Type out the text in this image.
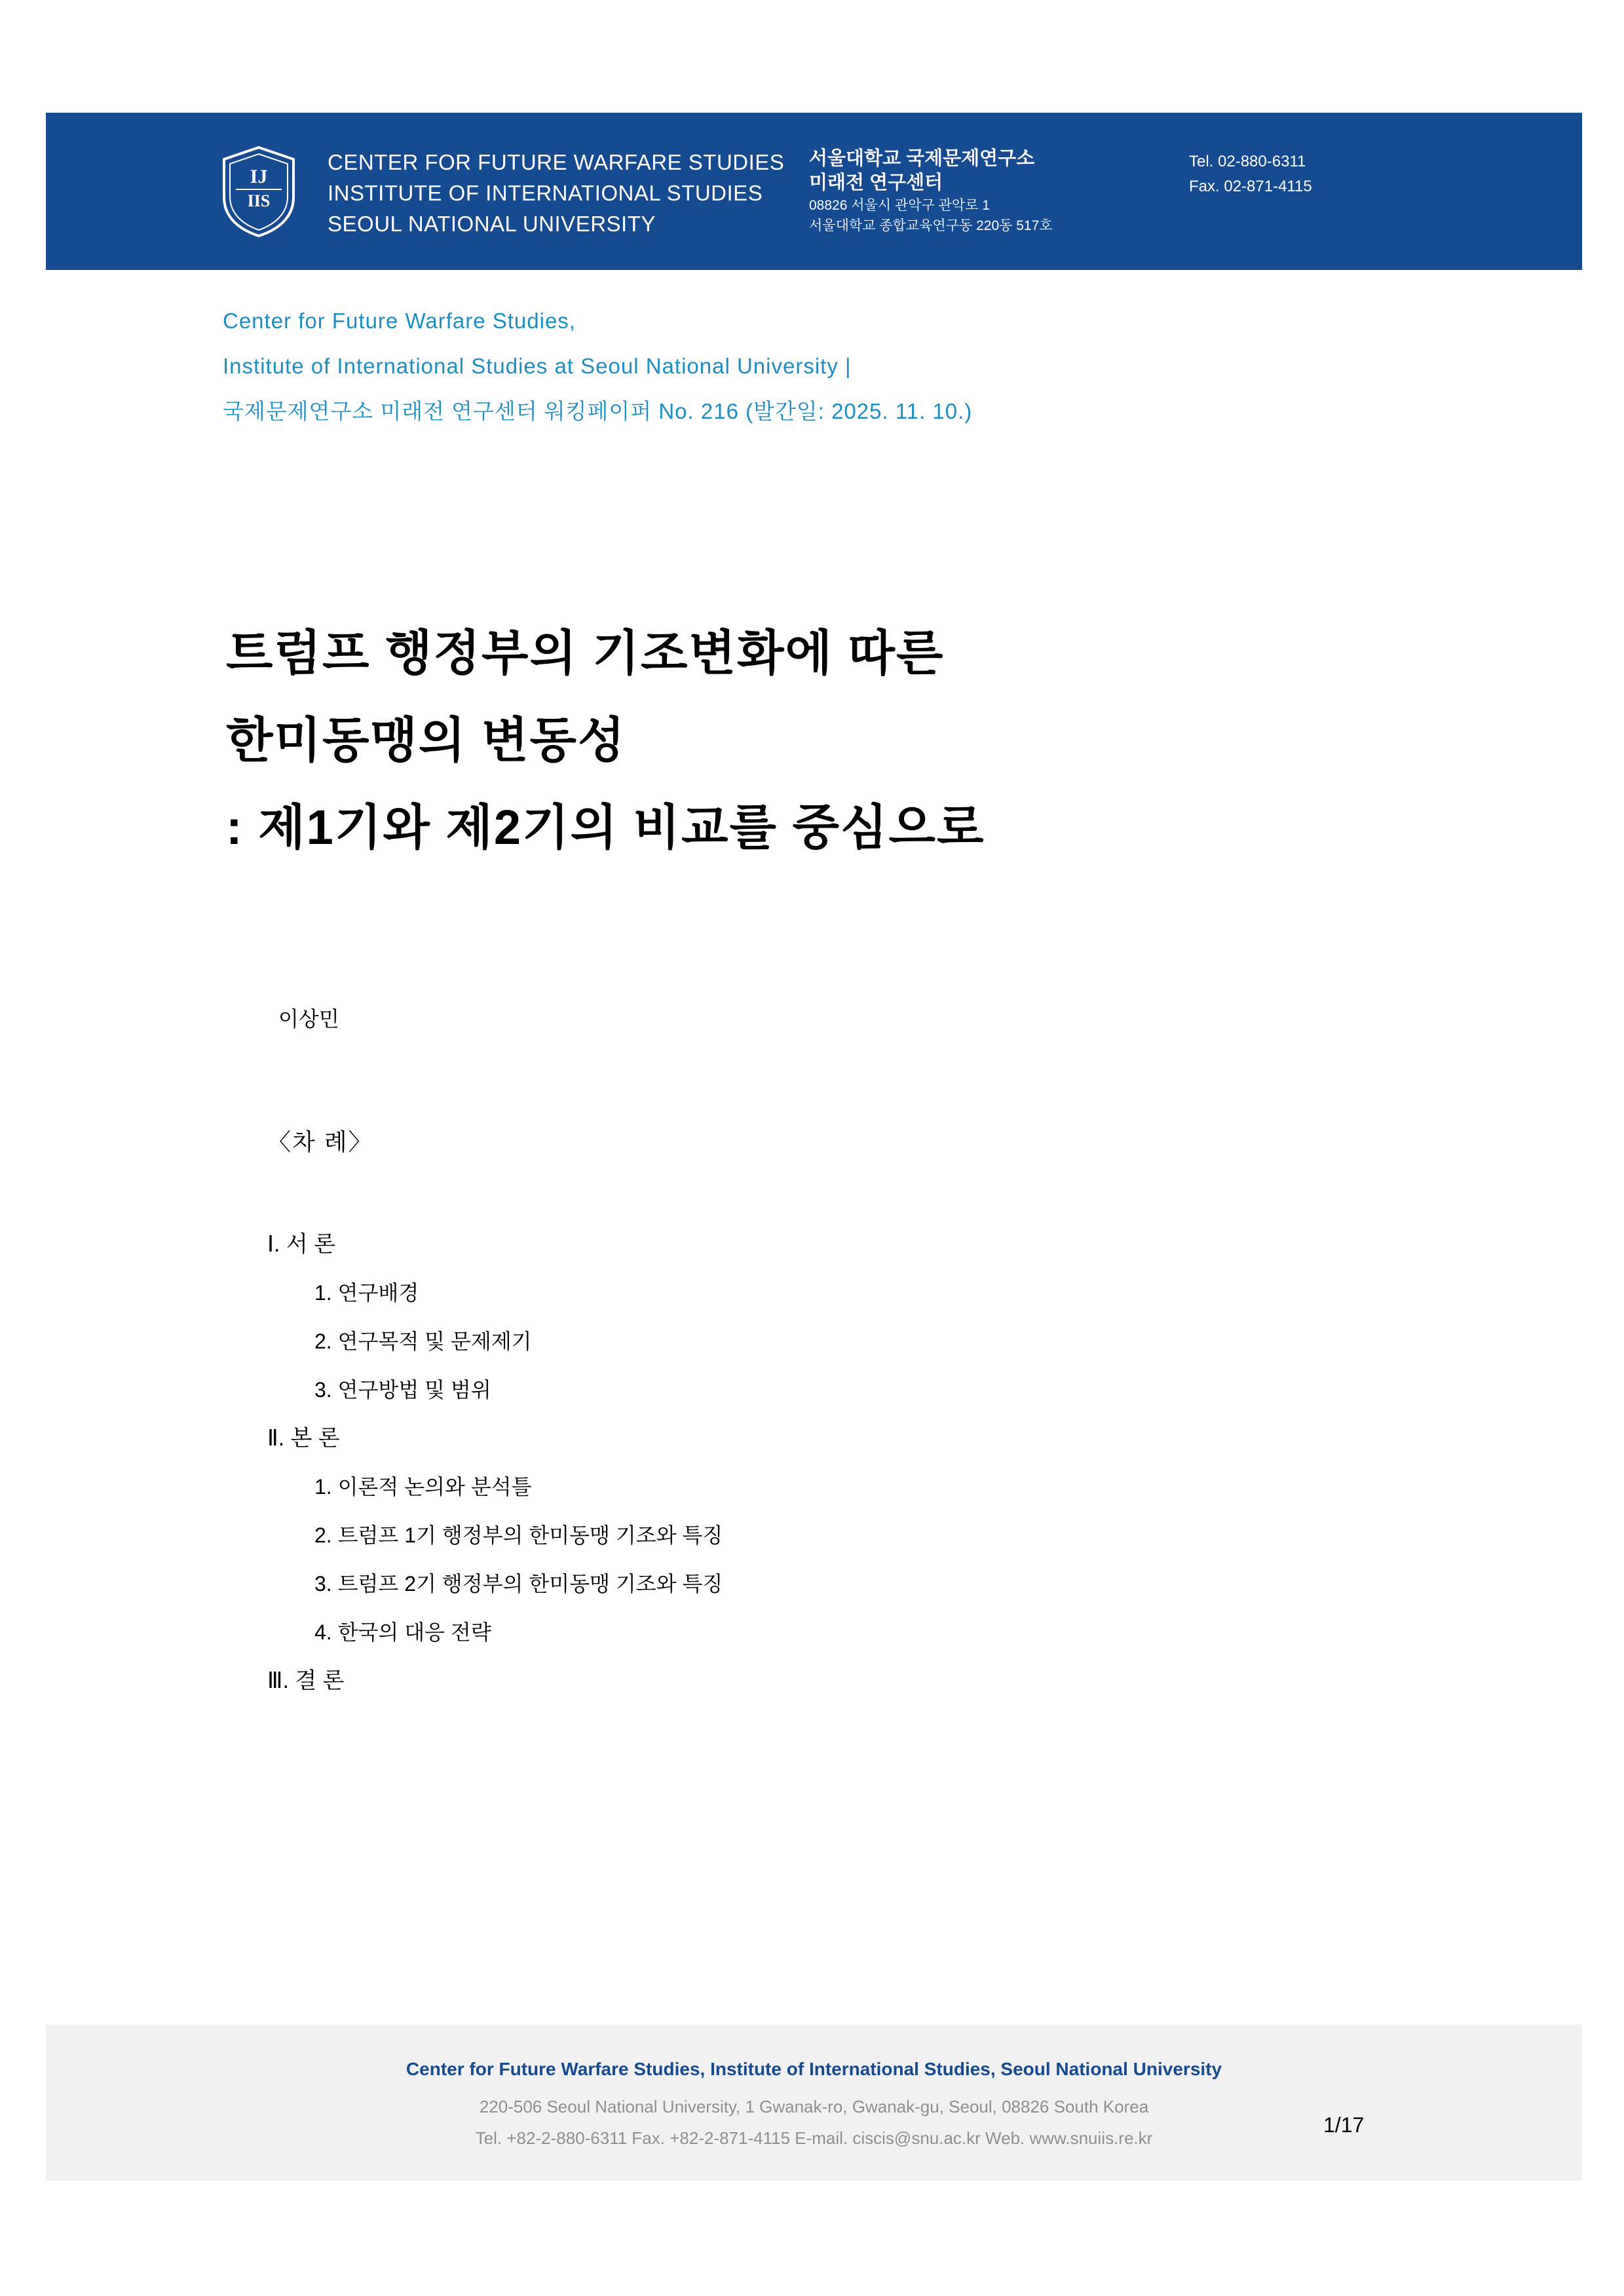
IJ
IIS
CENTER FOR FUTURE WARFARE STUDIES
INSTITUTE OF INTERNATIONAL STUDIES
SEOUL NATIONAL UNIVERSITY
서울대학교 국제문제연구소
미래전 연구센터
08826 서울시 관악구 관악로 1
서울대학교 종합교육연구동 220동 517호
Tel. 02-880-6311
Fax. 02-871-4115
Center for Future Warfare Studies,
Institute of International Studies at Seoul National University |
국제문제연구소 미래전 연구센터 워킹페이퍼 No. 216 (발간일: 2025. 11. 10.)
트럼프 행정부의 기조변화에 따른
한미동맹의 변동성
: 제1기와 제2기의 비교를 중심으로
이상민
〈차 례〉
Ⅰ. 서 론
1. 연구배경
2. 연구목적 및 문제제기
3. 연구방법 및 범위
Ⅱ. 본 론
1. 이론적 논의와 분석틀
2. 트럼프 1기 행정부의 한미동맹 기조와 특징
3. 트럼프 2기 행정부의 한미동맹 기조와 특징
4. 한국의 대응 전략
Ⅲ. 결 론
Center for Future Warfare Studies, Institute of International Studies, Seoul National University
220-506 Seoul National University, 1 Gwanak-ro, Gwanak-gu, Seoul, 08826 South Korea
Tel. +82-2-880-6311 Fax. +82-2-871-4115 E-mail. ciscis@snu.ac.kr Web. www.snuiis.re.kr
1/17
